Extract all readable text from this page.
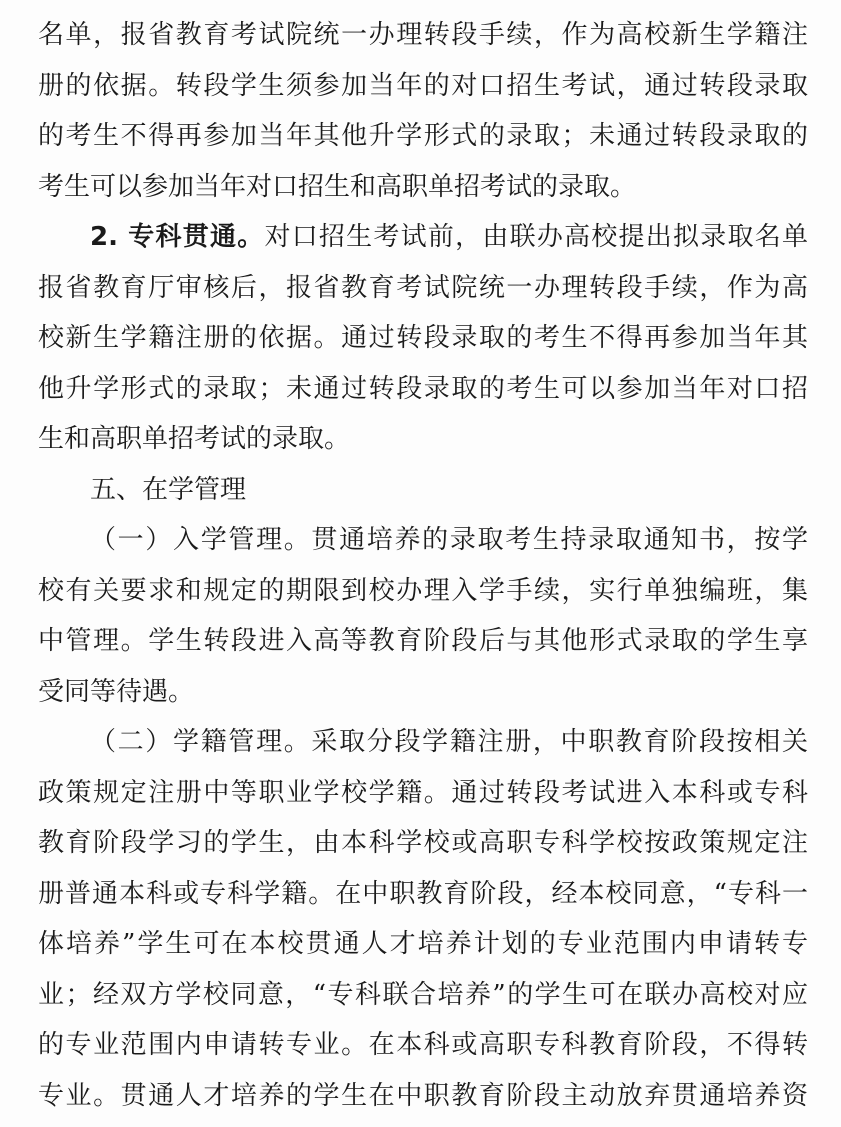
名单，报省教育考试院统一办理转段手续，作为高校新生学籍注
册的依据。转段学生须参加当年的对口招生考试，通过转段录取
的考生不得再参加当年其他升学形式的录取；未通过转段录取的
考生可以参加当年对口招生和高职单招考试的录取。
2. 专科贯通。对口招生考试前，由联办高校提出拟录取名单
报省教育厅审核后，报省教育考试院统一办理转段手续，作为高
校新生学籍注册的依据。通过转段录取的考生不得再参加当年其
他升学形式的录取；未通过转段录取的考生可以参加当年对口招
生和高职单招考试的录取。
五、在学管理
（一）入学管理。贯通培养的录取考生持录取通知书，按学
校有关要求和规定的期限到校办理入学手续，实行单独编班，集
中管理。学生转段进入高等教育阶段后与其他形式录取的学生享
受同等待遇。
（二）学籍管理。采取分段学籍注册，中职教育阶段按相关
政策规定注册中等职业学校学籍。通过转段考试进入本科或专科
教育阶段学习的学生，由本科学校或高职专科学校按政策规定注
册普通本科或专科学籍。在中职教育阶段，经本校同意，“专科一
体培养”学生可在本校贯通人才培养计划的专业范围内申请转专
业；经双方学校同意，“专科联合培养”的学生可在联办高校对应
的专业范围内申请转专业。在本科或高职专科教育阶段，不得转
专业。贯通人才培养的学生在中职教育阶段主动放弃贯通培养资
